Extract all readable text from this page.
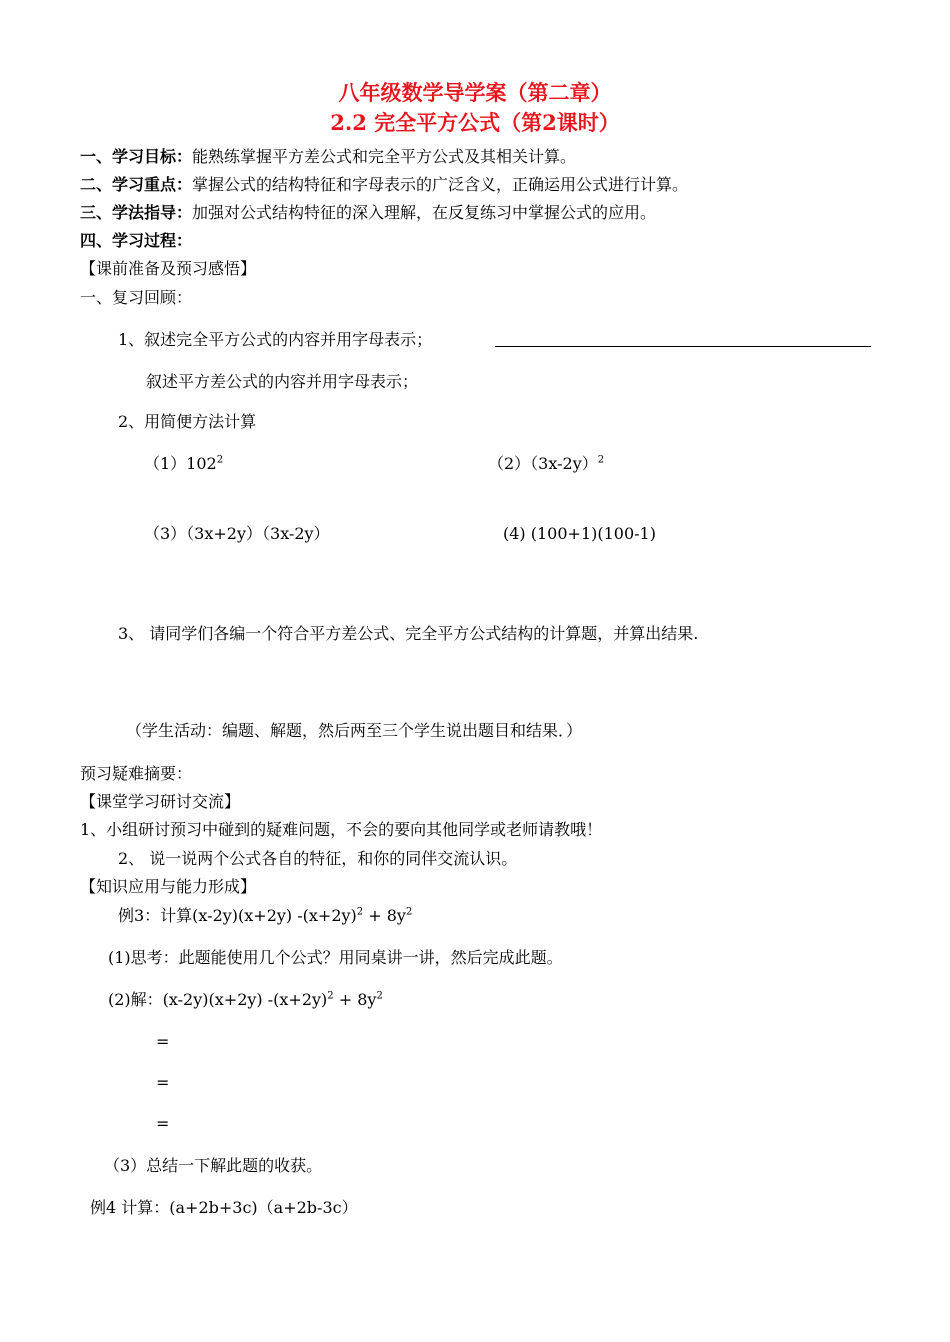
八年级数学导学案（第二章）
2.2 完全平方公式（第2课时）
一、学习目标：能熟练掌握平方差公式和完全平方公式及其相关计算。
二、学习重点：掌握公式的结构特征和字母表示的广泛含义，正确运用公式进行计算。
三、学法指导：加强对公式结构特征的深入理解，在反复练习中掌握公式的应用。
四、学习过程：
【课前准备及预习感悟】
一、复习回顾：
1、叙述完全平方公式的内容并用字母表示；
叙述平方差公式的内容并用字母表示；
2、用简便方法计算
$(1)102^2$	$(2)(3x-2y)^2$
（3）（3x+2y）（3x-2y）	(4) (100+1)(100-1)
3、 请同学们各编一个符合平方差公式、完全平方公式结构的计算题，并算出结果.
（学生活动：编题、解题，然后两至三个学生说出题目和结果．）
预习疑难摘要：
【课堂学习研讨交流】
1、小组研讨预习中碰到的疑难问题，不会的要向其他同学或老师请教哦！
2、 说一说两个公式各自的特征，和你的同伴交流认识。
【知识应用与能力形成】
例3：计算(x-2y)(x+2y) $-(x+2y)^2 + 8y^2$
(1)思考：此题能使用几个公式？用同桌讲一讲，然后完成此题。
(2)解：(x-2y)(x+2y) $-(x+2y)^2 + 8y^2$
=
=
=
（3）总结一下解此题的收获。
例4 计算：(a+2b+3c)（a+2b-3c）
